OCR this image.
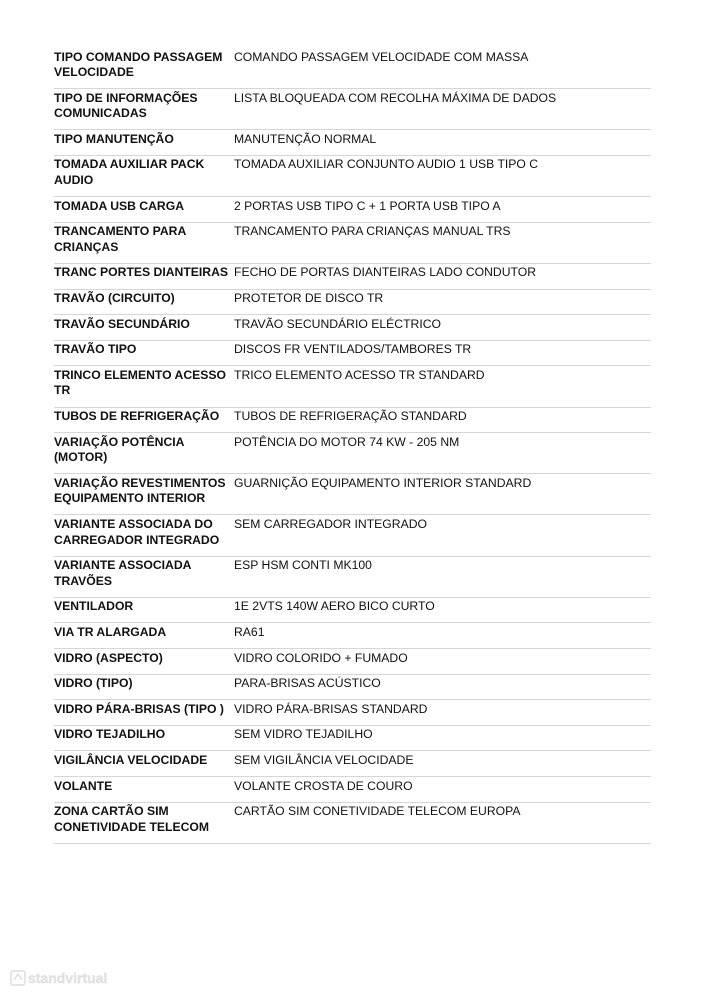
TIPO COMANDO PASSAGEM VELOCIDADE	COMANDO PASSAGEM VELOCIDADE COM MASSA
TIPO DE INFORMAÇÕES COMUNICADAS	LISTA BLOQUEADA COM RECOLHA MÁXIMA DE DADOS
TIPO MANUTENÇÃO	MANUTENÇÃO NORMAL
TOMADA AUXILIAR PACK AUDIO	TOMADA AUXILIAR CONJUNTO AUDIO 1 USB TIPO C
TOMADA USB CARGA	2 PORTAS USB TIPO C + 1 PORTA USB TIPO A
TRANCAMENTO PARA CRIANÇAS	TRANCAMENTO PARA CRIANÇAS MANUAL TRS
TRANC PORTES DIANTEIRAS	FECHO DE PORTAS DIANTEIRAS LADO CONDUTOR
TRAVÃO (CIRCUITO)	PROTETOR DE DISCO TR
TRAVÃO SECUNDÁRIO	TRAVÃO SECUNDÁRIO ELÉCTRICO
TRAVÃO TIPO	DISCOS FR VENTILADOS/TAMBORES TR
TRINCO ELEMENTO ACESSO TR	TRICO ELEMENTO ACESSO TR STANDARD
TUBOS DE REFRIGERAÇÃO	TUBOS DE REFRIGERAÇÃO STANDARD
VARIAÇÃO POTÊNCIA (MOTOR)	POTÊNCIA DO MOTOR 74 KW - 205 NM
VARIAÇÃO REVESTIMENTOS EQUIPAMENTO INTERIOR	GUARNIÇÃO EQUIPAMENTO INTERIOR STANDARD
VARIANTE ASSOCIADA DO CARREGADOR INTEGRADO	SEM CARREGADOR INTEGRADO
VARIANTE ASSOCIADA TRAVÕES	ESP HSM CONTI MK100
VENTILADOR	1E 2VTS 140W AERO BICO CURTO
VIA TR ALARGADA	RA61
VIDRO (ASPECTO)	VIDRO COLORIDO + FUMADO
VIDRO (TIPO)	PARA-BRISAS ACÚSTICO
VIDRO PÁRA-BRISAS (TIPO )	VIDRO PÁRA-BRISAS STANDARD
VIDRO TEJADILHO	SEM VIDRO TEJADILHO
VIGILÂNCIA VELOCIDADE	SEM VIGILÂNCIA VELOCIDADE
VOLANTE	VOLANTE CROSTA DE COURO
ZONA CARTÃO SIM CONETIVIDADE TELECOM	CARTÃO SIM CONETIVIDADE TELECOM EUROPA
standvirtual
